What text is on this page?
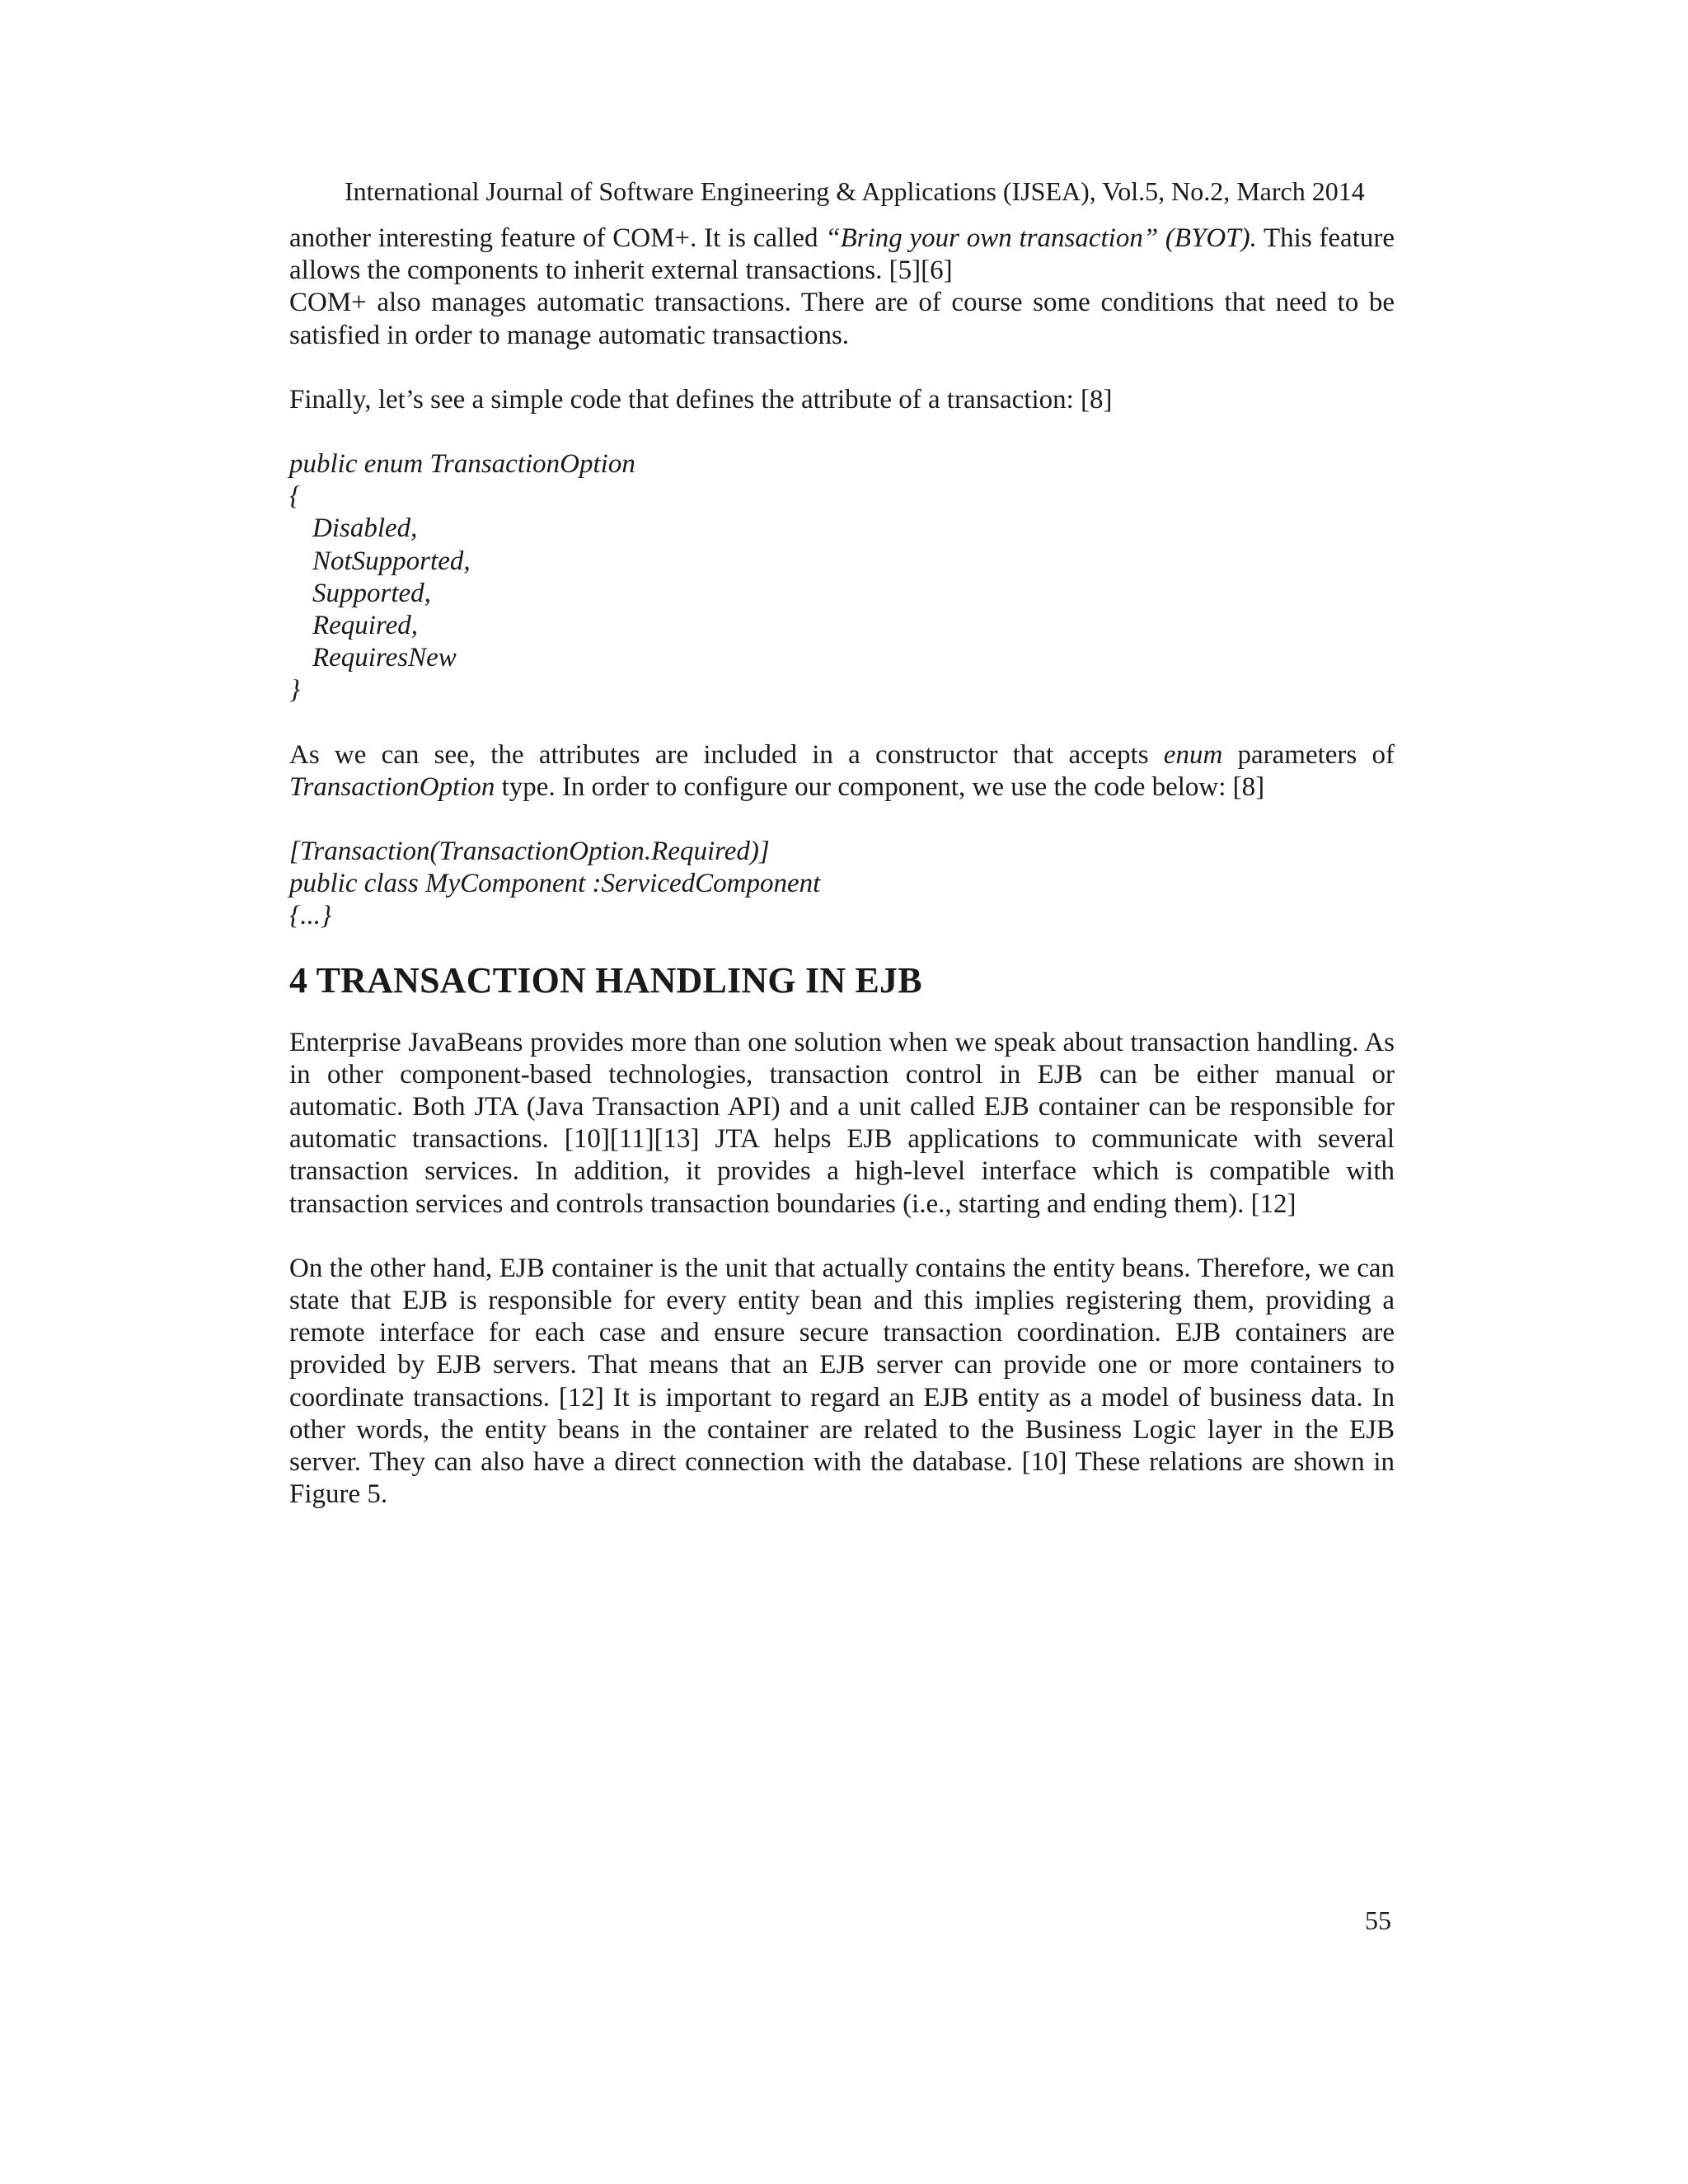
International Journal of Software Engineering & Applications (IJSEA), Vol.5, No.2, March 2014

another interesting feature of COM+. It is called “Bring your own transaction” (BYOT). This feature allows the components to inherit external transactions. [5][6]

COM+ also manages automatic transactions. There are of course some conditions that need to be satisfied in order to manage automatic transactions.

Finally, let’s see a simple code that defines the attribute of a transaction: [8]

public enum TransactionOption
{
Disabled,
NotSupported,
Supported,
Required,
RequiresNew
}

As we can see, the attributes are included in a constructor that accepts enum parameters of TransactionOption type. In order to configure our component, we use the code below: [8]

[Transaction(TransactionOption.Required)]
public class MyComponent :ServicedComponent
{...}
4 TRANSACTION HANDLING IN EJB

Enterprise JavaBeans provides more than one solution when we speak about transaction handling. As in other component-based technologies, transaction control in EJB can be either manual or automatic. Both JTA (Java Transaction API) and a unit called EJB container can be responsible for automatic transactions. [10][11][13] JTA helps EJB applications to communicate with several transaction services. In addition, it provides a high-level interface which is compatible with transaction services and controls transaction boundaries (i.e., starting and ending them). [12]

On the other hand, EJB container is the unit that actually contains the entity beans. Therefore, we can state that EJB is responsible for every entity bean and this implies registering them, providing a remote interface for each case and ensure secure transaction coordination. EJB containers are provided by EJB servers. That means that an EJB server can provide one or more containers to coordinate transactions. [12] It is important to regard an EJB entity as a model of business data. In other words, the entity beans in the container are related to the Business Logic layer in the EJB server. They can also have a direct connection with the database. [10] These relations are shown in Figure 5.

55
